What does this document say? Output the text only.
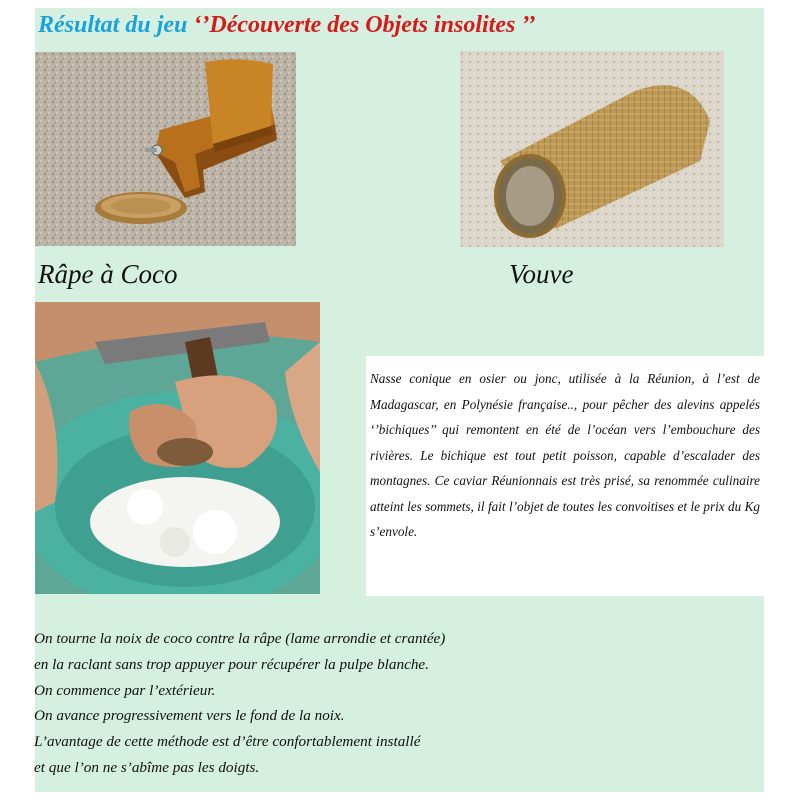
Résultat du jeu ‘’Découverte des Objets insolites ’’
Râpe à Coco	Vouve

Nasse conique en osier ou jonc, utilisée à la Réunion, à l’est de Madagascar, en Polynésie française.., pour pêcher des alevins appelés ‘’bichiques’’ qui remontent en été de l’océan vers l’embouchure des rivières. Le bichique est tout petit poisson, capable d’escalader des montagnes. Ce caviar Réunionnais est très prisé, sa renommée culinaire atteint les sommets, il fait l’objet de toutes les convoitises et le prix du Kg s’envole.

On tourne la noix de coco contre la râpe (lame arrondie et crantée)
en la raclant sans trop appuyer pour récupérer la pulpe blanche.
On commence par l’extérieur.
On avance progressivement vers le fond de la noix.
L’avantage de cette méthode est d’être confortablement installé
et que l’on ne s’abîme pas les doigts.
